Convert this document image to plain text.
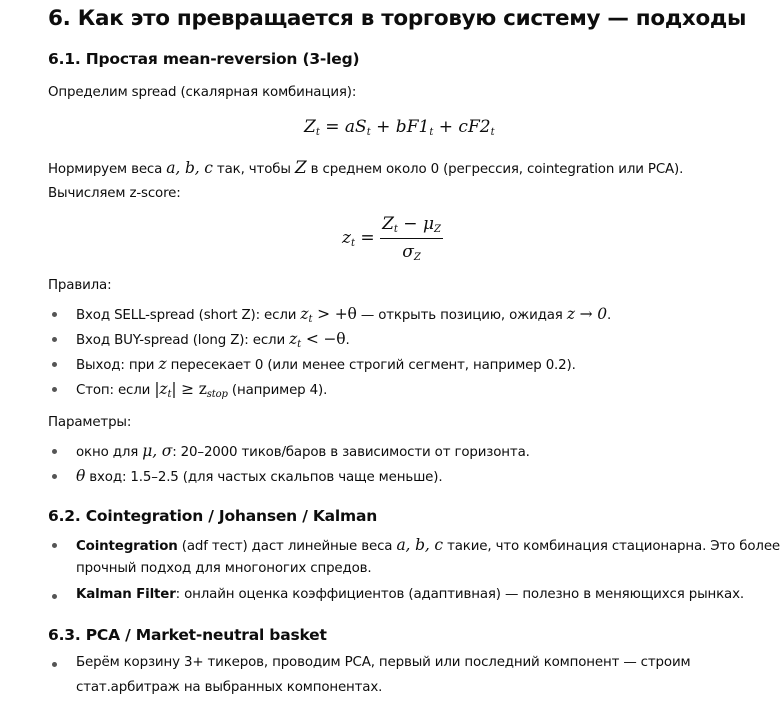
6. Как это превращается в торговую систему — подходы
6.1. Простая mean-reversion (3-leg)
Определим spread (скалярная комбинация):
Zt = aSt + bF1t + cF2t
Нормируем веса a, b, c так, чтобы Z в среднем около 0 (регрессия, cointegration или PCA).
Вычисляем z-score:
zt = $\frac{Zt - \mu Z}{\sigma Z}$
Правила:
Вход SELL-spread (short Z): если $z_t > +\theta$ — открыть позицию, ожидая z → 0.
Вход BUY-spread (long Z): если $z_t < -\theta$.
Выход: при z пересекает 0 (или менее строгий сегмент, например 0.2).
Стоп: если $|z_t| \ge z_{stop}$ (например 4).
Параметры:
окно для μ, σ: 20–2000 тиков/баров в зависимости от горизонта.
θ вход: 1.5–2.5 (для частых скальпов чаще меньше).
6.2. Cointegration / Johansen / Kalman
Cointegration (adf тест) даст линейные веса a, b, c такие, что комбинация стационарна. Это более
прочный подход для многоногих спредов.
Kalman Filter: онлайн оценка коэффициентов (адаптивная) — полезно в меняющихся рынках.
6.3. PCA / Market-neutral basket
Берём корзину 3+ тикеров, проводим PCA, первый или последний компонент — строим
стат.арбитраж на выбранных компонентах.
